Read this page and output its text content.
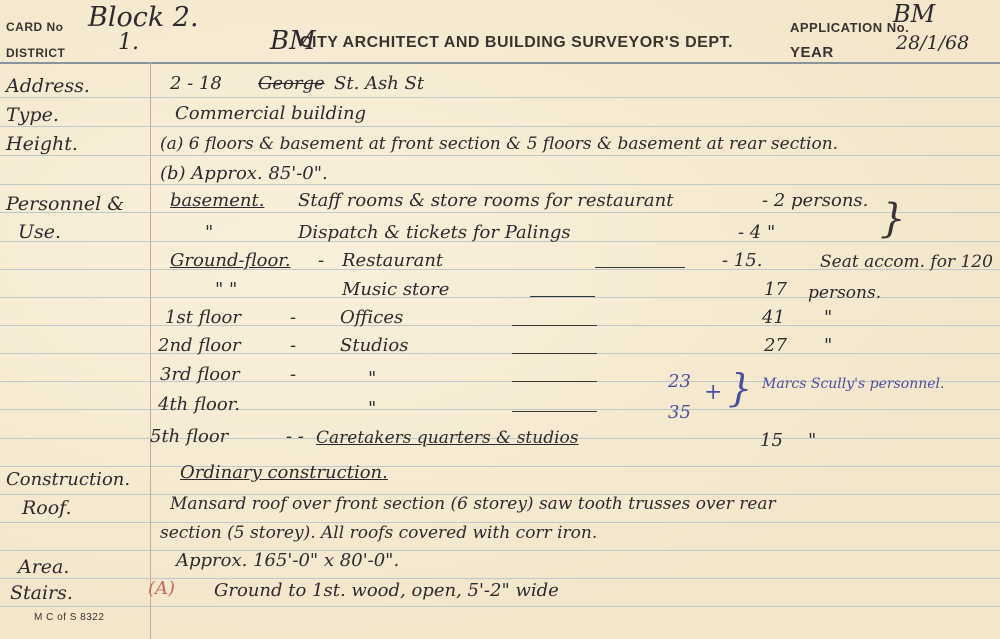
CARD No Block 2.
DISTRICT 1.	BM
CITY ARCHITECT AND BUILDING SURVEYOR'S DEPT.
APPLICATION No.
BM
YEAR	28/1/68
Address.	2 - 18 George St. Ash St
Type.	Commercial building
Height.	(a) 6 floors & basement at front section & 5 floors & basement at rear section.
(b) Approx. 85'-0".
Personnel &
Use.
basement. Staff rooms & store rooms for restaurant	- 2 persons.
"	Dispatch & tickets for Palings	- 4 "	}
Ground-floor. - Restaurant	- 15.	Seat accom. for 120
" "	Music store	17 persons.
1st floor	- Offices	41 "
2nd floor	- Studios	27 "
3rd floor	-	"
4th floor.	"
23 +
35
} Marcs Scully's personnel.
5th floor	- - Caretakers quarters & studios	15 "
Construction.	Ordinary construction.
Roof.	Mansard roof over front section (6 storey) saw tooth trusses over rear
section (5 storey). All roofs covered with corr iron.
Area.	Approx. 165'-0" x 80'-0".
Stairs.	(A) Ground to 1st. wood, open, 5'-2" wide
M C of S 8322
